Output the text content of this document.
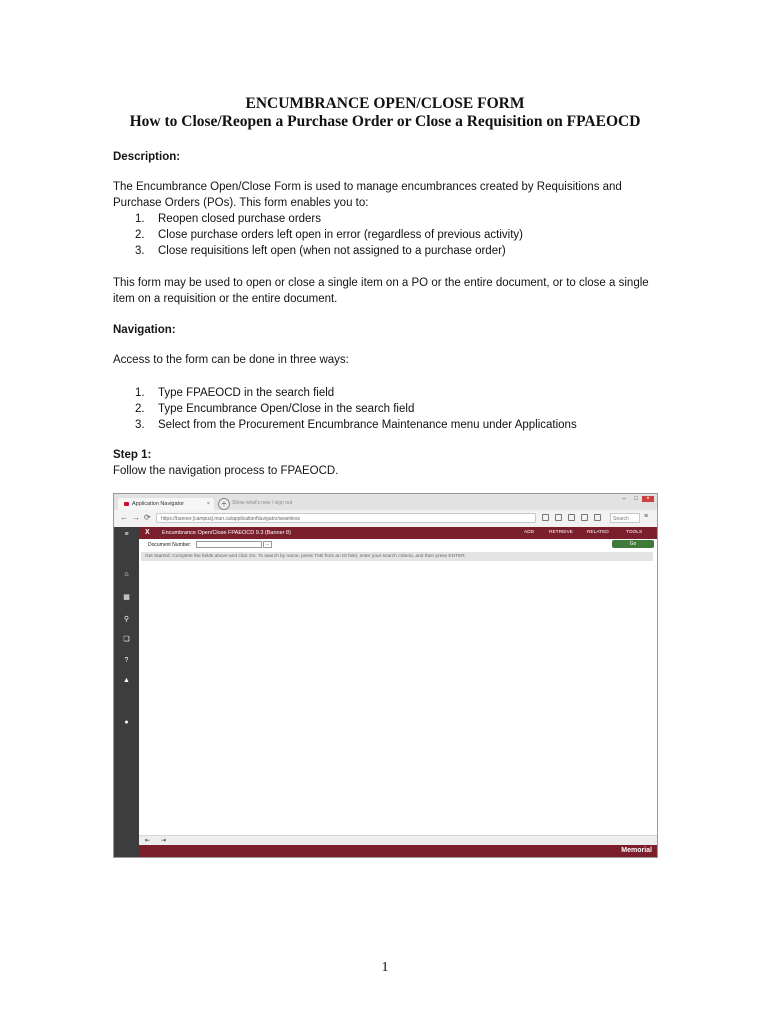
ENCUMBRANCE OPEN/CLOSE FORM
How to Close/Reopen a Purchase Order or Close a Requisition on FPAEOCD
Description:
The Encumbrance Open/Close Form is used to manage encumbrances created by Requisitions and
Purchase Orders (POs). This form enables you to:
1. Reopen closed purchase orders
2. Close purchase orders left open in error (regardless of previous activity)
3. Close requisitions left open (when not assigned to a purchase order)
This form may be used to open or close a single item on a PO or the entire document, or to close a single
item on a requisition or the entire document.
Navigation:
Access to the form can be done in three ways:
1. Type FPAEOCD in the search field
2. Type Encumbrance Open/Close in the search field
3. Select from the Procurement Encumbrance Maintenance menu under Applications
Step 1:
Follow the navigation process to FPAEOCD.
Application Navigator	×	+	Show what's new / sign out
– □ ×
← → ⟳	https://banner.[campus].mun.ca/applicationNavigator/seamless	Search	≡
≡
⌂
▦
⚲
❏
?
▲
●
X Encumbrance Open/Close FPAEOCD 9.3 (Banner 8)	ADD	RETRIEVE	RELATED	TOOLS
Document Number:	...	Go
Get Started: Complete the fields above and click Go. To search by name, press TAB from an ID field, enter your search criteria, and then press ENTER.
⇤ ⇥
Memorial
1
